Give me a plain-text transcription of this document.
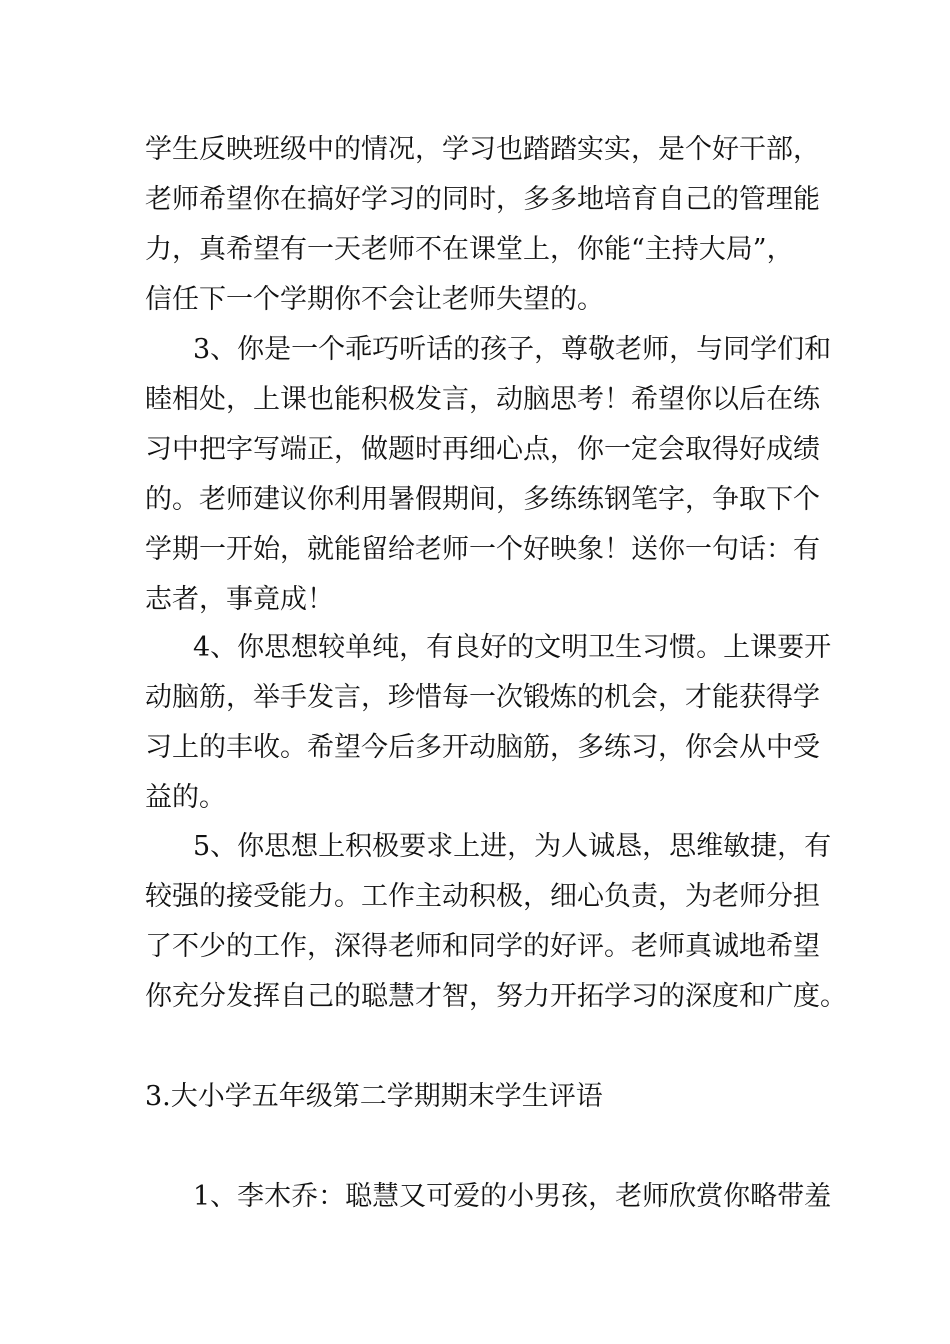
学生反映班级中的情况，学习也踏踏实实，是个好干部，
老师希望你在搞好学习的同时，多多地培育自己的管理能
力，真希望有一天老师不在课堂上，你能“主持大局”，
信任下一个学期你不会让老师失望的。
3、你是一个乖巧听话的孩子，尊敬老师，与同学们和
睦相处，上课也能积极发言，动脑思考！希望你以后在练
习中把字写端正，做题时再细心点，你一定会取得好成绩
的。老师建议你利用暑假期间，多练练钢笔字，争取下个
学期一开始，就能留给老师一个好映象！送你一句话：有
志者，事竟成！
4、你思想较单纯，有良好的文明卫生习惯。上课要开
动脑筋，举手发言，珍惜每一次锻炼的机会，才能获得学
习上的丰收。希望今后多开动脑筋，多练习，你会从中受
益的。
5、你思想上积极要求上进，为人诚恳，思维敏捷，有
较强的接受能力。工作主动积极，细心负责，为老师分担
了不少的工作，深得老师和同学的好评。老师真诚地希望
你充分发挥自己的聪慧才智，努力开拓学习的深度和广度。
3.大小学五年级第二学期期末学生评语
1、李木乔：聪慧又可爱的小男孩，老师欣赏你略带羞
